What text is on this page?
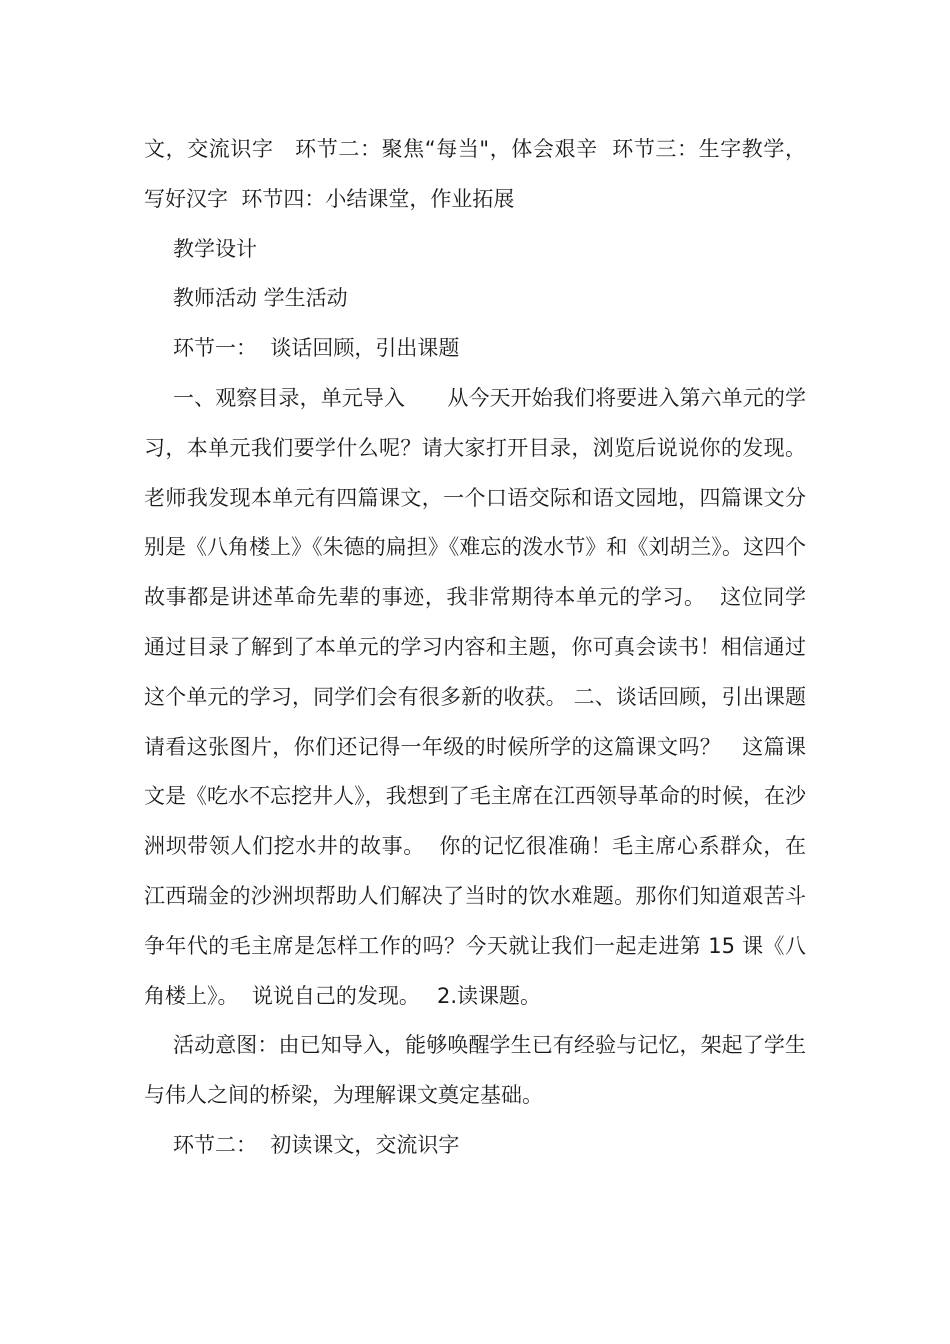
文，交流识字　环节二：聚焦“每当"，体会艰辛  环节三：生字教学，写好汉字  环节四：小结课堂，作业拓展

教学设计

教师活动 学生活动

环节一：  谈话回顾，引出课题

一、观察目录，单元导入　　从今天开始我们将要进入第六单元的学习，本单元我们要学什么呢？请大家打开目录，浏览后说说你的发现。  老师我发现本单元有四篇课文，一个口语交际和语文园地，四篇课文分别是《八角楼上》《朱德的扁担》《难忘的泼水节》和《刘胡兰》。这四个故事都是讲述革命先辈的事迹，我非常期待本单元的学习。  这位同学通过目录了解到了本单元的学习内容和主题，你可真会读书！相信通过这个单元的学习，同学们会有很多新的收获。 二、谈话回顾，引出课题  请看这张图片，你们还记得一年级的时候所学的这篇课文吗？   这篇课文是《吃水不忘挖井人》，我想到了毛主席在江西领导革命的时候，在沙洲坝带领人们挖水井的故事。  你的记忆很准确！毛主席心系群众，在江西瑞金的沙洲坝帮助人们解决了当时的饮水难题。那你们知道艰苦斗争年代的毛主席是怎样工作的吗？今天就让我们一起走进第 15 课《八角楼上》。  说说自己的发现。　 2.读课题。

活动意图：由已知导入，能够唤醒学生已有经验与记忆，架起了学生与伟人之间的桥梁，为理解课文奠定基础。

环节二：  初读课文，交流识字
